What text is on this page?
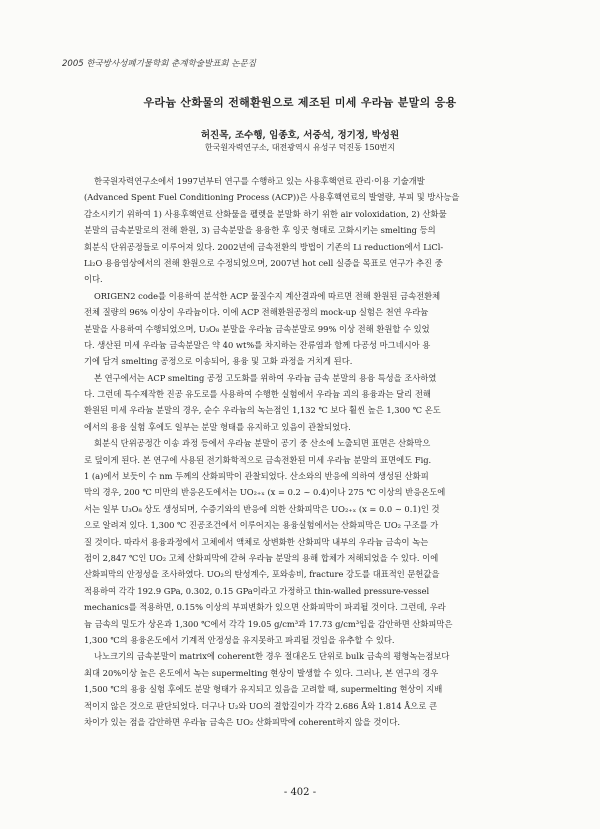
2005 한국방사성폐기물학회 춘계학술발표회 논문집
우라늄 산화물의 전해환원으로 제조된 미세 우라늄 분말의 응용
허진목, 조수행, 임종호, 서중석, 정기정, 박성원
한국원자력연구소, 대전광역시 유성구 덕진동 150번지
한국원자력연구소에서 1997년부터 연구를 수행하고 있는 사용후핵연료 관리·이용 기술개발
(Advanced Spent Fuel Conditioning Process (ACP))은 사용후핵연료의 발열량, 부피 및 방사능을
감소시키기 위하여 1) 사용후핵연료 산화물을 펠렛을 분말화 하기 위한 air voloxidation, 2) 산화물
분말의 금속분말로의 전해 환원, 3) 금속분말을 용융한 후 잉곳 형태로 고화시키는 smelting 등의
회분식 단위공정들로 이루어져 있다. 2002년에 금속전환의 방법이 기존의 Li reduction에서 LiCl-
Li₂O 용융염상에서의 전해 환원으로 수정되었으며, 2007년 hot cell 실증을 목표로 연구가 추진 중
이다.
ORIGEN2 code를 이용하여 분석한 ACP 물질수지 계산결과에 따르면 전해 환원된 금속전환체
전체 질량의 96% 이상이 우라늄이다. 이에 ACP 전해환원공정의 mock-up 실험은 천연 우라늄
분말을 사용하여 수행되었으며, U₃O₈ 분말을 우라늄 금속분말로 99% 이상 전해 환원할 수 있었
다. 생산된 미세 우라늄 금속분말은 약 40 wt%를 차지하는 잔류염과 함께 다공성 마그네시아 용
기에 담겨 smelting 공정으로 이송되어, 용융 및 고화 과정을 거치게 된다.
본 연구에서는 ACP smelting 공정 고도화를 위하여 우라늄 금속 분말의 용융 특성을 조사하였
다. 그런데 특수제작한 진공 유도로를 사용하여 수행한 실험에서 우라늄 괴의 용융과는 달리 전해
환원된 미세 우라늄 분말의 경우, 순수 우라늄의 녹는점인 1,132 ℃ 보다 훨씬 높은 1,300 ℃ 온도
에서의 용융 실험 후에도 일부는 분말 형태를 유지하고 있음이 관찰되었다.
회분식 단위공정간 이송 과정 등에서 우라늄 분말이 공기 중 산소에 노출되면 표면은 산화막으
로 덮이게 된다. 본 연구에 사용된 전기화학적으로 금속전환된 미세 우라늄 분말의 표면에도 Fig.
1 (a)에서 보듯이 수 nm 두께의 산화피막이 관찰되었다. 산소와의 반응에 의하여 생성된 산화피
막의 경우, 200 ℃ 미만의 반응온도에서는 UO₂₊ₓ (x = 0.2 ~ 0.4)이나 275 ℃ 이상의 반응온도에
서는 일부 U₃O₈ 상도 생성되며, 수증기와의 반응에 의한 산화피막은 UO₂₊ₓ (x = 0.0 ~ 0.1)인 것
으로 알려져 있다. 1,300 ℃ 진공조건에서 이루어지는 용융실험에서는 산화피막은 UO₂ 구조를 가
질 것이다. 따라서 용융과정에서 고체에서 액체로 상변화한 산화피막 내부의 우라늄 금속이 녹는
점이 2,847 ℃인 UO₂ 고체 산화피막에 갇혀 우라늄 분말의 용해 합체가 저해되었을 수 있다. 이에
산화피막의 안정성을 조사하였다. UO₂의 탄성계수, 포와송비, fracture 강도를 대표적인 문헌값을
적용하여 각각 192.9 GPa, 0.302, 0.15 GPa이라고 가정하고 thin-walled pressure-vessel
mechanics를 적용하면, 0.15% 이상의 부피변화가 있으면 산화피막이 파괴될 것이다. 그런데, 우라
늄 금속의 밀도가 상온과 1,300 ℃에서 각각 19.05 g/cm³과 17.73 g/cm³임을 감안하면 산화피막은
1,300 ℃의 용융온도에서 기계적 안정성을 유지못하고 파괴될 것임을 유추할 수 있다.
나노크기의 금속분말이 matrix에 coherent한 경우 절대온도 단위로 bulk 금속의 평형녹는점보다
최대 20%이상 높은 온도에서 녹는 supermelting 현상이 발생할 수 있다. 그러나, 본 연구의 경우
1,500 ℃의 용융 실험 후에도 분말 형태가 유지되고 있음을 고려할 때, supermelting 현상이 지배
적이지 않은 것으로 판단되었다. 더구나 U₂와 UO의 결합길이가 각각 2.686 Å와 1.814 Å으로 큰
차이가 있는 점을 감안하면 우라늄 금속은 UO₂ 산화피막에 coherent하지 않을 것이다.
- 402 -
